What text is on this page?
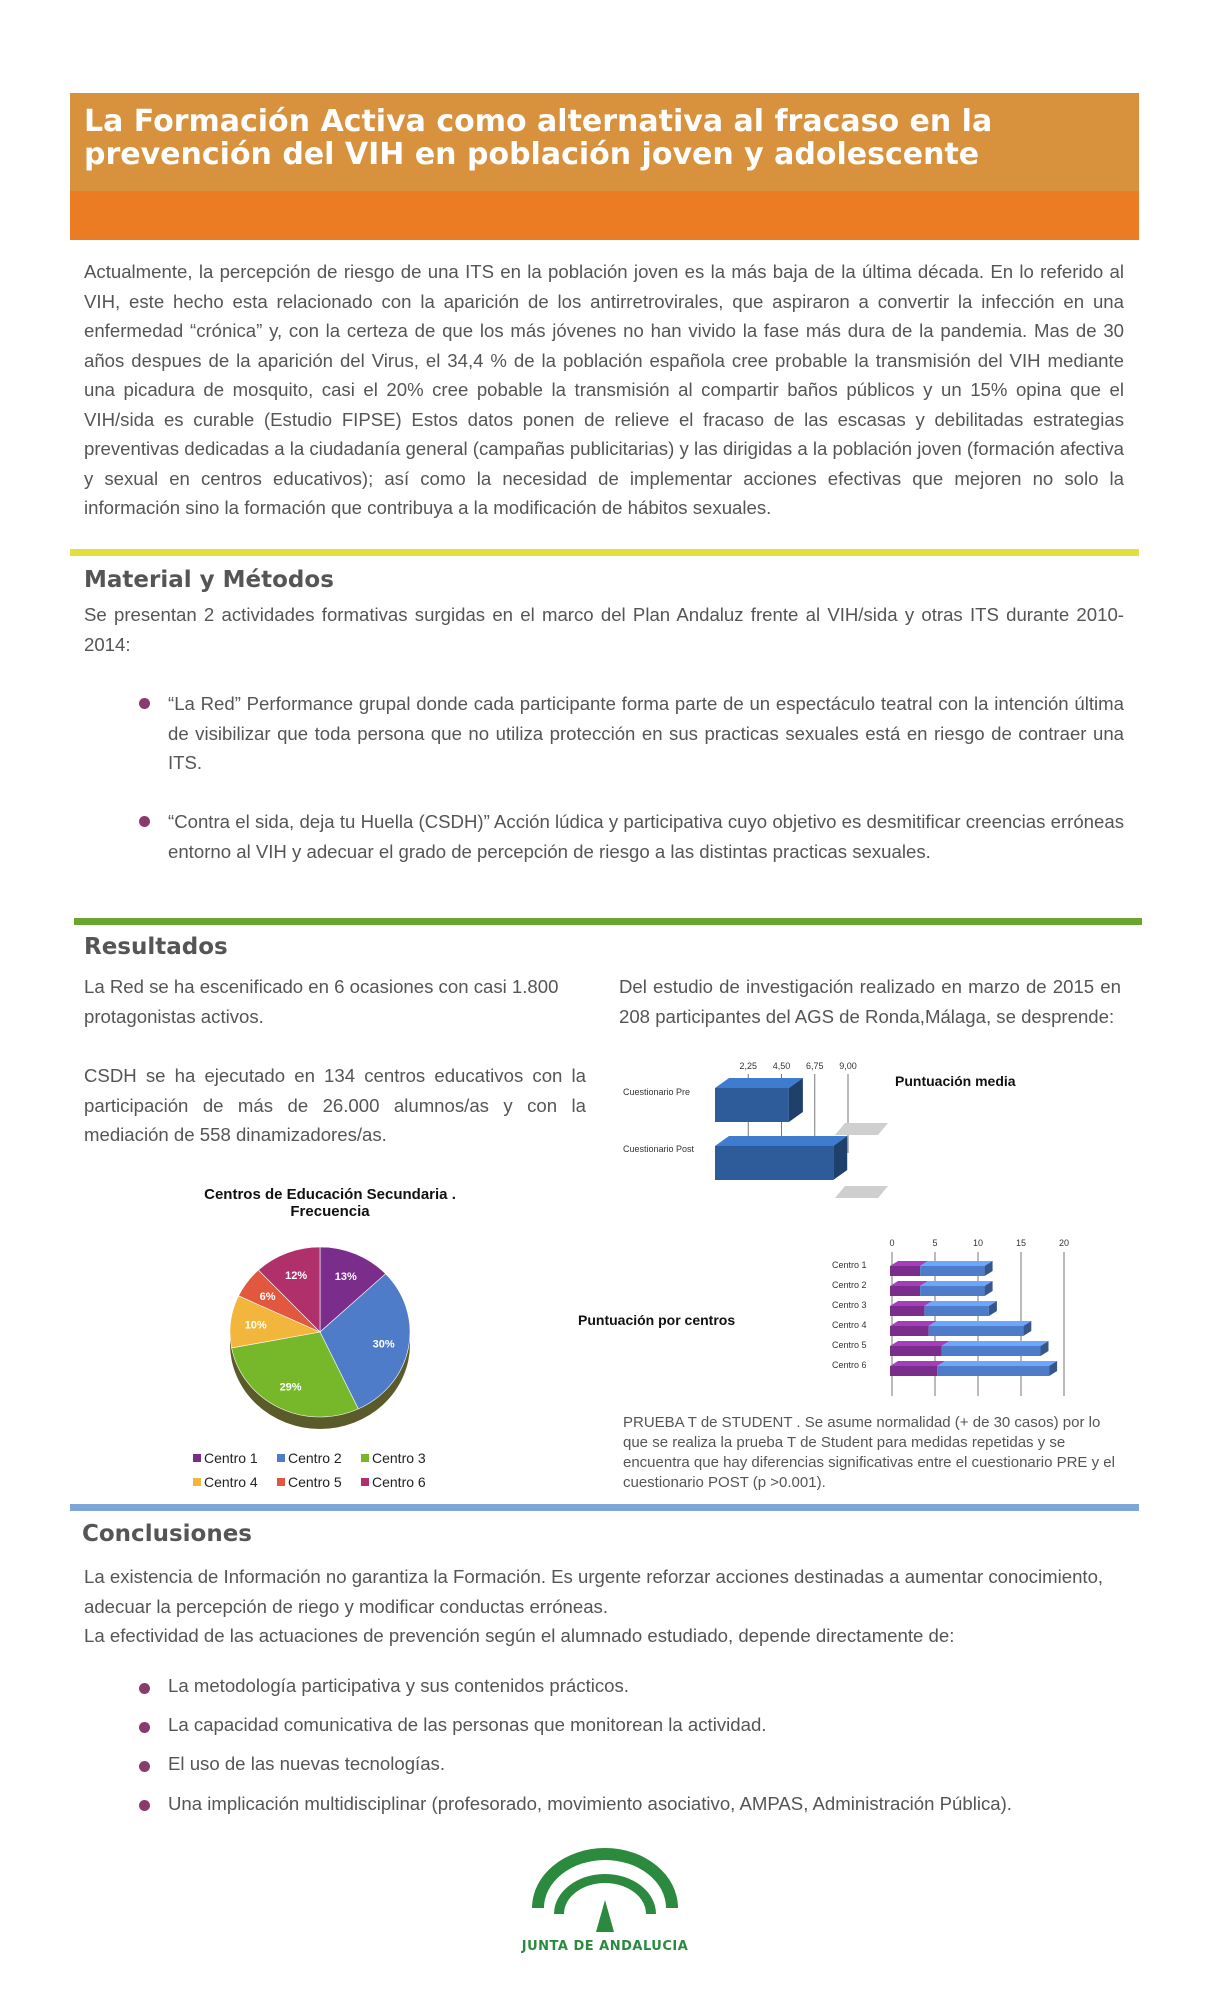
La Formación Activa como alternativa al fracaso en la prevención del VIH en población joven y adolescente
Actualmente, la percepción de riesgo de una ITS en la población joven es la más baja de la última década. En lo referido al VIH, este hecho esta relacionado con la aparición de los antirretrovirales, que aspiraron a convertir la infección en una enfermedad “crónica” y, con la certeza de que los más jóvenes no han vivido la fase más dura de la pandemia. Mas de 30 años despues de la aparición del Virus, el 34,4 % de la población española cree probable la transmisión del VIH mediante una picadura de mosquito, casi el 20% cree pobable la transmisión al compartir baños públicos y un 15% opina que el VIH/sida es curable (Estudio FIPSE) Estos datos ponen de relieve el fracaso de las escasas y debilitadas estrategias preventivas dedicadas a la ciudadanía general (campañas publicitarias) y las dirigidas a la población joven (formación afectiva y sexual en centros educativos); así como la necesidad de implementar acciones efectivas que mejoren no solo la información sino la formación que contribuya a la modificación de hábitos sexuales.
Material y Métodos
Se presentan 2 actividades formativas surgidas en el marco del Plan Andaluz frente al VIH/sida y otras ITS durante 2010-2014:
“La Red” Performance grupal donde cada participante forma parte de un espectáculo teatral con la intención última de visibilizar que toda persona que no utiliza protección en sus practicas sexuales está en riesgo de contraer una ITS.
“Contra el sida, deja tu Huella (CSDH)” Acción lúdica y participativa cuyo objetivo es desmitificar creencias erróneas entorno al VIH y adecuar el grado de percepción de riesgo a las distintas practicas sexuales.
Resultados
La Red se ha escenificado en 6 ocasiones con casi 1.800 protagonistas activos.
CSDH se ha ejecutado en 134 centros educativos con la participación de más de 26.000 alumnos/as y con la mediación de 558 dinamizadores/as.
Del estudio de investigación realizado en marzo de 2015 en 208 participantes del AGS de Ronda,Málaga, se desprende:
Centros de Educación Secundaria . Frecuencia
13%
30%
29%
10%
6%
12%
Centro 1	Centro 2	Centro 3
Centro 4	Centro 5	Centro 6
Puntuación media
2,25 4,50 6,75 9,00
Cuestionario Pre
Cuestionario Post
Puntuación por centros
0	5	10	15	20
Centro 1
Centro 2
Centro 3
Centro 4
Centro 5
Centro 6
PRUEBA T de STUDENT . Se asume normalidad (+ de 30 casos) por lo que se realiza la prueba T de Student para medidas repetidas y se encuentra que hay diferencias significativas entre el cuestionario PRE y el cuestionario POST (p >0.001).
Conclusiones
La existencia de Información no garantiza la Formación. Es urgente reforzar acciones destinadas a aumentar conocimiento, adecuar la percepción de riego y modificar conductas erróneas.
La efectividad de las actuaciones de prevención según el alumnado estudiado, depende directamente de:
La metodología participativa y sus contenidos prácticos.
La capacidad comunicativa de las personas que monitorean la actividad.
El uso de las nuevas tecnologías.
Una implicación multidisciplinar (profesorado, movimiento asociativo, AMPAS, Administración Pública).
JUNTA DE ANDALUCIA
